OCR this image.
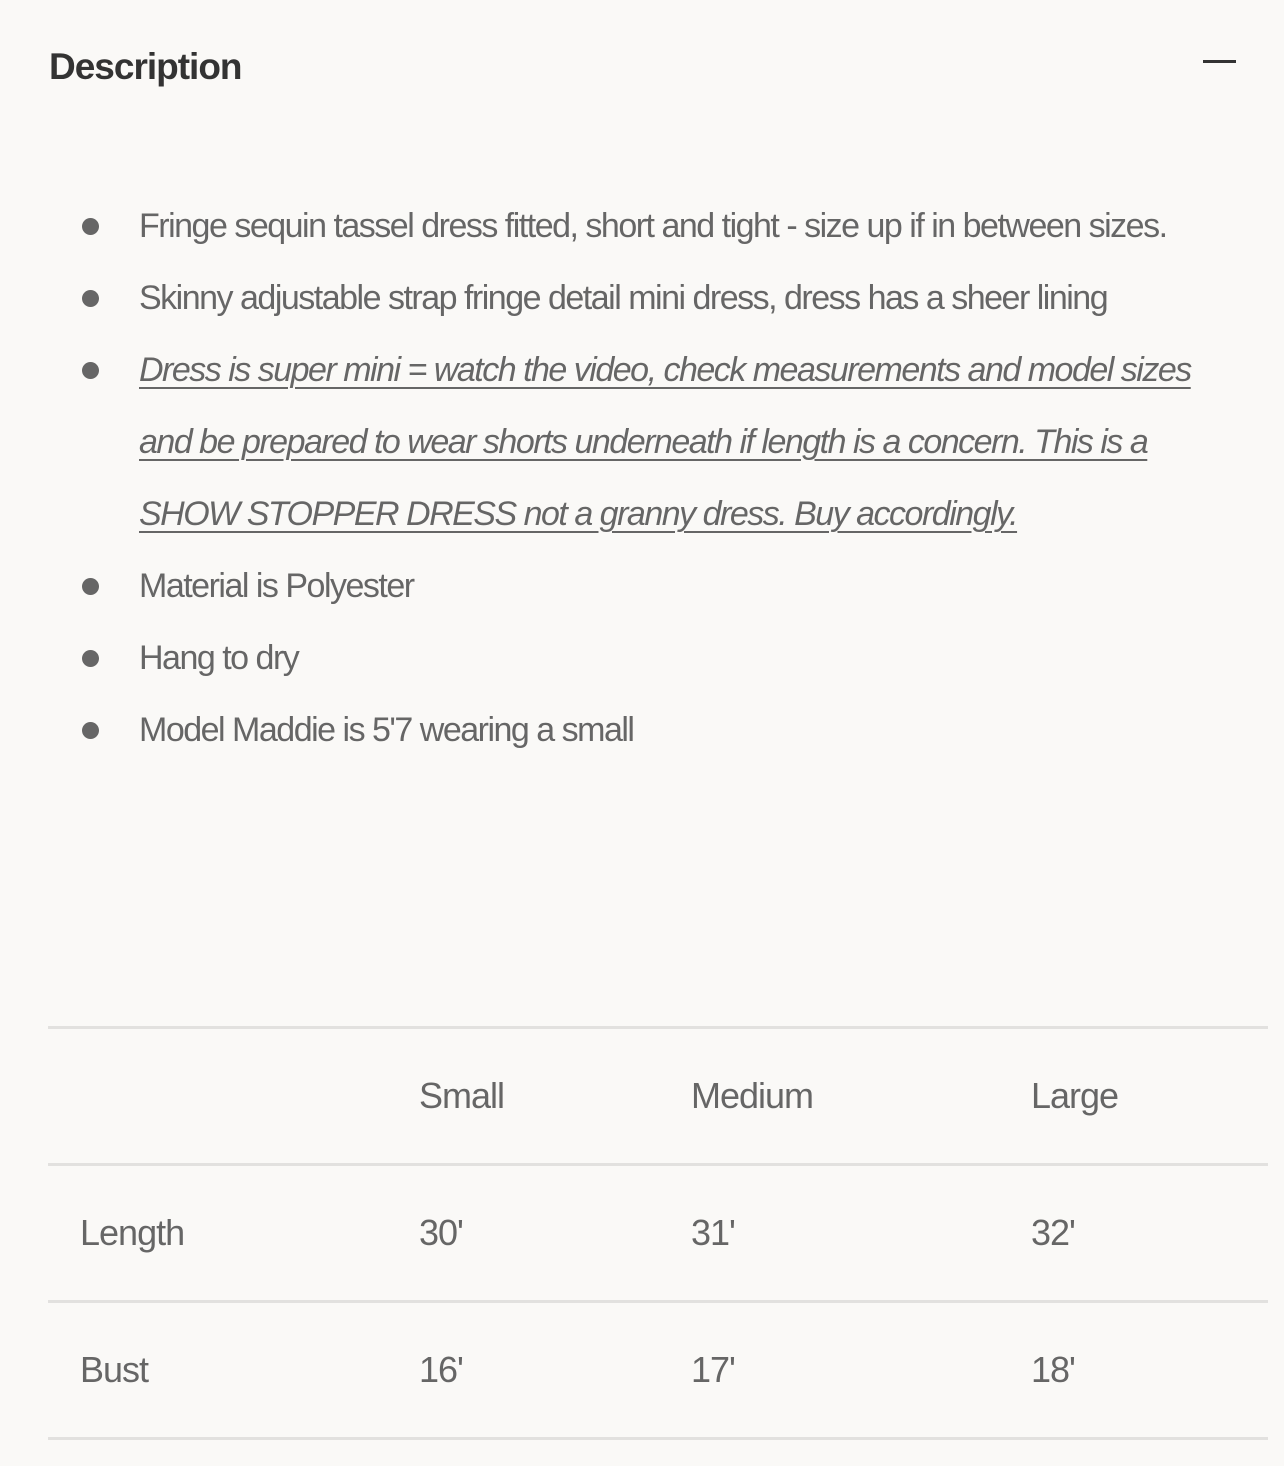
Description
Fringe sequin tassel dress fitted, short and tight - size up if in between sizes.
Skinny adjustable strap fringe detail mini dress, dress has a sheer lining
Dress is super mini = watch the video, check measurements and model sizes and be prepared to wear shorts underneath if length is a concern. This is a SHOW STOPPER DRESS not a granny dress. Buy accordingly.
Material is Polyester
Hang to dry
Model Maddie is 5'7 wearing a small
	Small	Medium	Large
Length	30'	31'	32'
Bust	16'	17'	18'
